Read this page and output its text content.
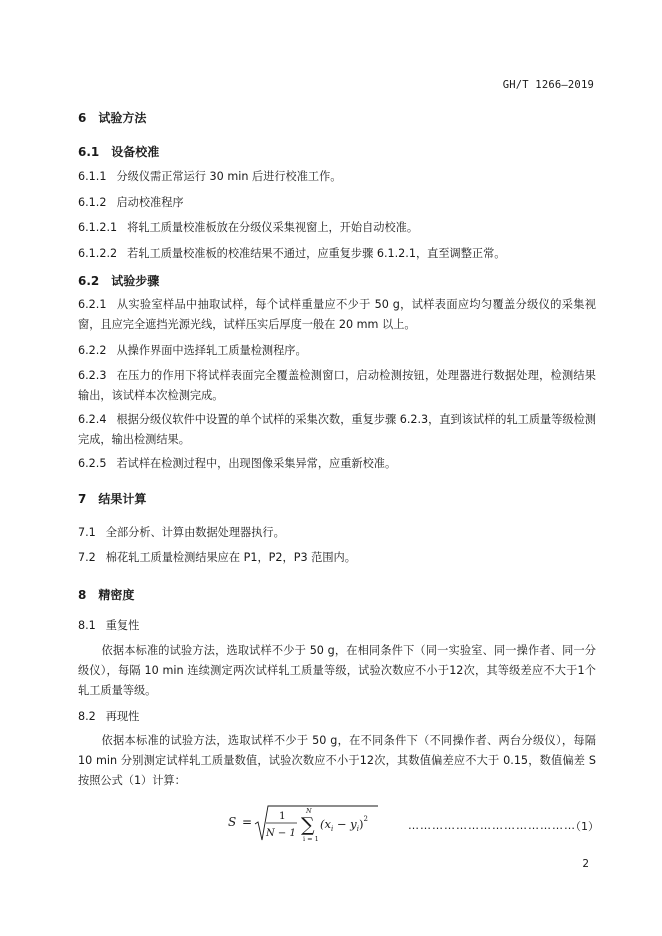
GH/T 1266—2019
6 试验方法
6.1 设备校准
6.1.1 分级仪需正常运行 30 min 后进行校准工作。
6.1.2 启动校准程序
6.1.2.1 将轧工质量校准板放在分级仪采集视窗上，开始自动校准。
6.1.2.2 若轧工质量校准板的校准结果不通过，应重复步骤 6.1.2.1，直至调整正常。
6.2 试验步骤
6.2.1 从实验室样品中抽取试样，每个试样重量应不少于 50 g，试样表面应均匀覆盖分级仪的采集视窗，且应完全遮挡光源光线，试样压实后厚度一般在 20 mm 以上。
6.2.2 从操作界面中选择轧工质量检测程序。
6.2.3 在压力的作用下将试样表面完全覆盖检测窗口，启动检测按钮，处理器进行数据处理，检测结果输出，该试样本次检测完成。
6.2.4 根据分级仪软件中设置的单个试样的采集次数，重复步骤 6.2.3，直到该试样的轧工质量等级检测完成，输出检测结果。
6.2.5 若试样在检测过程中，出现图像采集异常，应重新校准。
7 结果计算
7.1 全部分析、计算由数据处理器执行。
7.2 棉花轧工质量检测结果应在 P1，P2，P3 范围内。
8 精密度
8.1 重复性
依据本标准的试验方法，选取试样不少于 50 g，在相同条件下（同一实验室、同一操作者、同一分级仪），每隔 10 min 连续测定两次试样轧工质量等级，试验次数应不小于12次，其等级差应不大于1个轧工质量等级。
8.2 再现性
依据本标准的试验方法，选取试样不少于 50 g，在不同条件下（不同操作者、两台分级仪），每隔 10 min 分别测定试样轧工质量数值，试验次数应不小于12次，其数值偏差应不大于 0.15，数值偏差 S 按照公式（1）计算：
S =	1
N − 1
N
∑
i = 1
$(x_i - y_i)^2$	……………………………………
（1）
2
